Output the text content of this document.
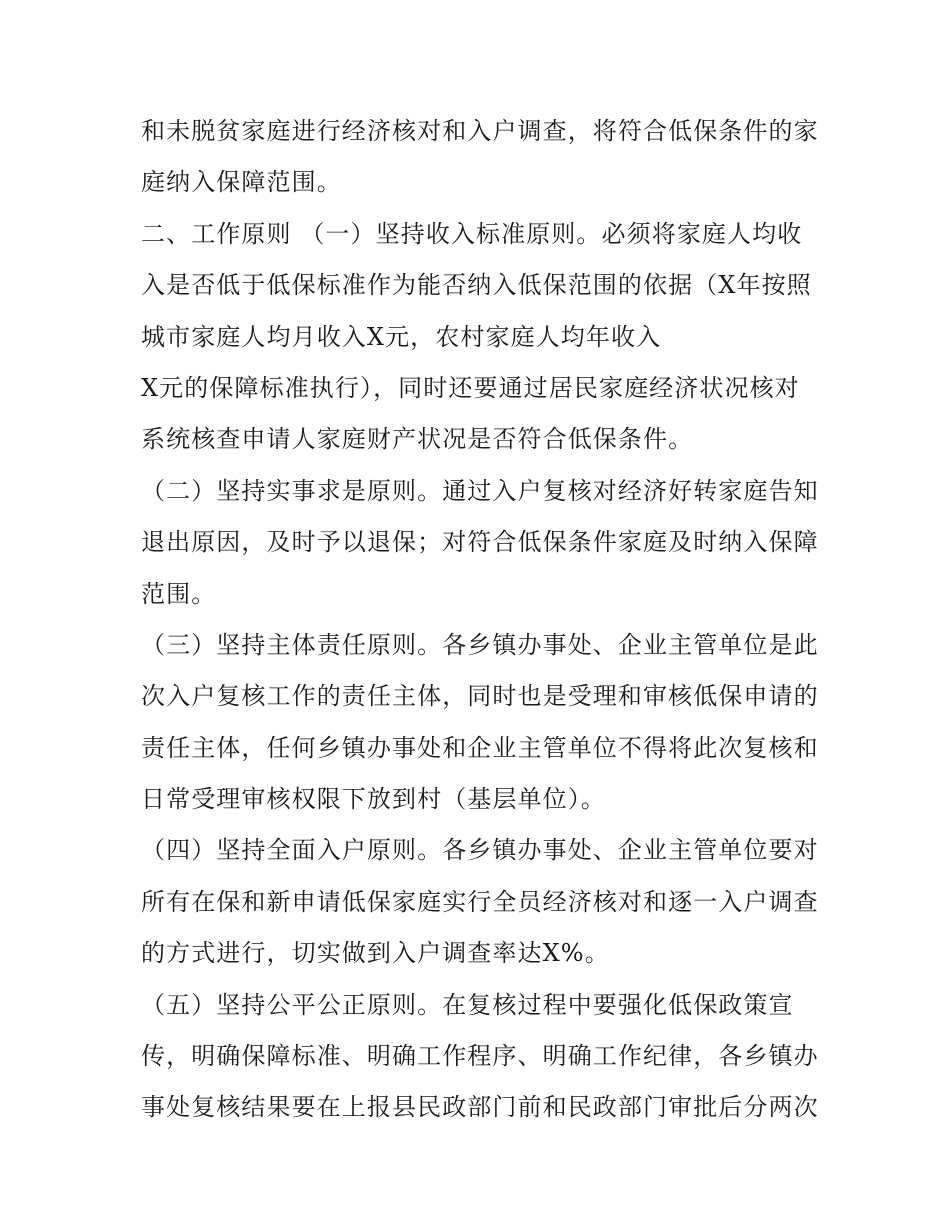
和未脱贫家庭进行经济核对和入户调查，将符合低保条件的家
庭纳入保障范围。
二、工作原则 （一）坚持收入标准原则。必须将家庭人均收
入是否低于低保标准作为能否纳入低保范围的依据（X年按照
城市家庭人均月收入X元，农村家庭人均年收入
X元的保障标准执行），同时还要通过居民家庭经济状况核对
系统核查申请人家庭财产状况是否符合低保条件。
（二）坚持实事求是原则。通过入户复核对经济好转家庭告知
退出原因，及时予以退保；对符合低保条件家庭及时纳入保障
范围。
（三）坚持主体责任原则。各乡镇办事处、企业主管单位是此
次入户复核工作的责任主体，同时也是受理和审核低保申请的
责任主体，任何乡镇办事处和企业主管单位不得将此次复核和
日常受理审核权限下放到村（基层单位）。
（四）坚持全面入户原则。各乡镇办事处、企业主管单位要对
所有在保和新申请低保家庭实行全员经济核对和逐一入户调查
的方式进行，切实做到入户调查率达X%。
（五）坚持公平公正原则。在复核过程中要强化低保政策宣
传，明确保障标准、明确工作程序、明确工作纪律，各乡镇办
事处复核结果要在上报县民政部门前和民政部门审批后分两次
